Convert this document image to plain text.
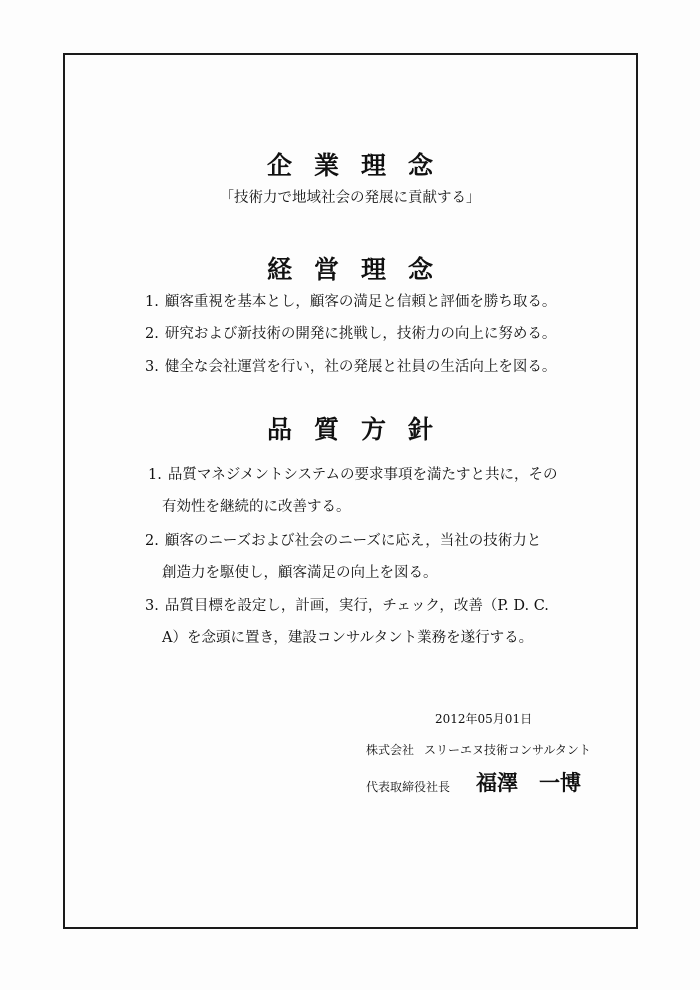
企業理念
「技術力で地域社会の発展に貢献する」
経営理念
1. 顧客重視を基本とし，顧客の満足と信頼と評価を勝ち取る。
2. 研究および新技術の開発に挑戦し，技術力の向上に努める。
3. 健全な会社運営を行い，社の発展と社員の生活向上を図る。
品質方針
1. 品質マネジメントシステムの要求事項を満たすと共に，その
有効性を継続的に改善する。
2. 顧客のニーズおよび社会のニーズに応え，当社の技術力と
創造力を駆使し，顧客満足の向上を図る。
3. 品質目標を設定し，計画，実行，チェック，改善（P. D. C.
A）を念頭に置き，建設コンサルタント業務を遂行する。
2012年05月01日
株式会社 スリーエヌ技術コンサルタント
代表取締役社長 福澤　一博
